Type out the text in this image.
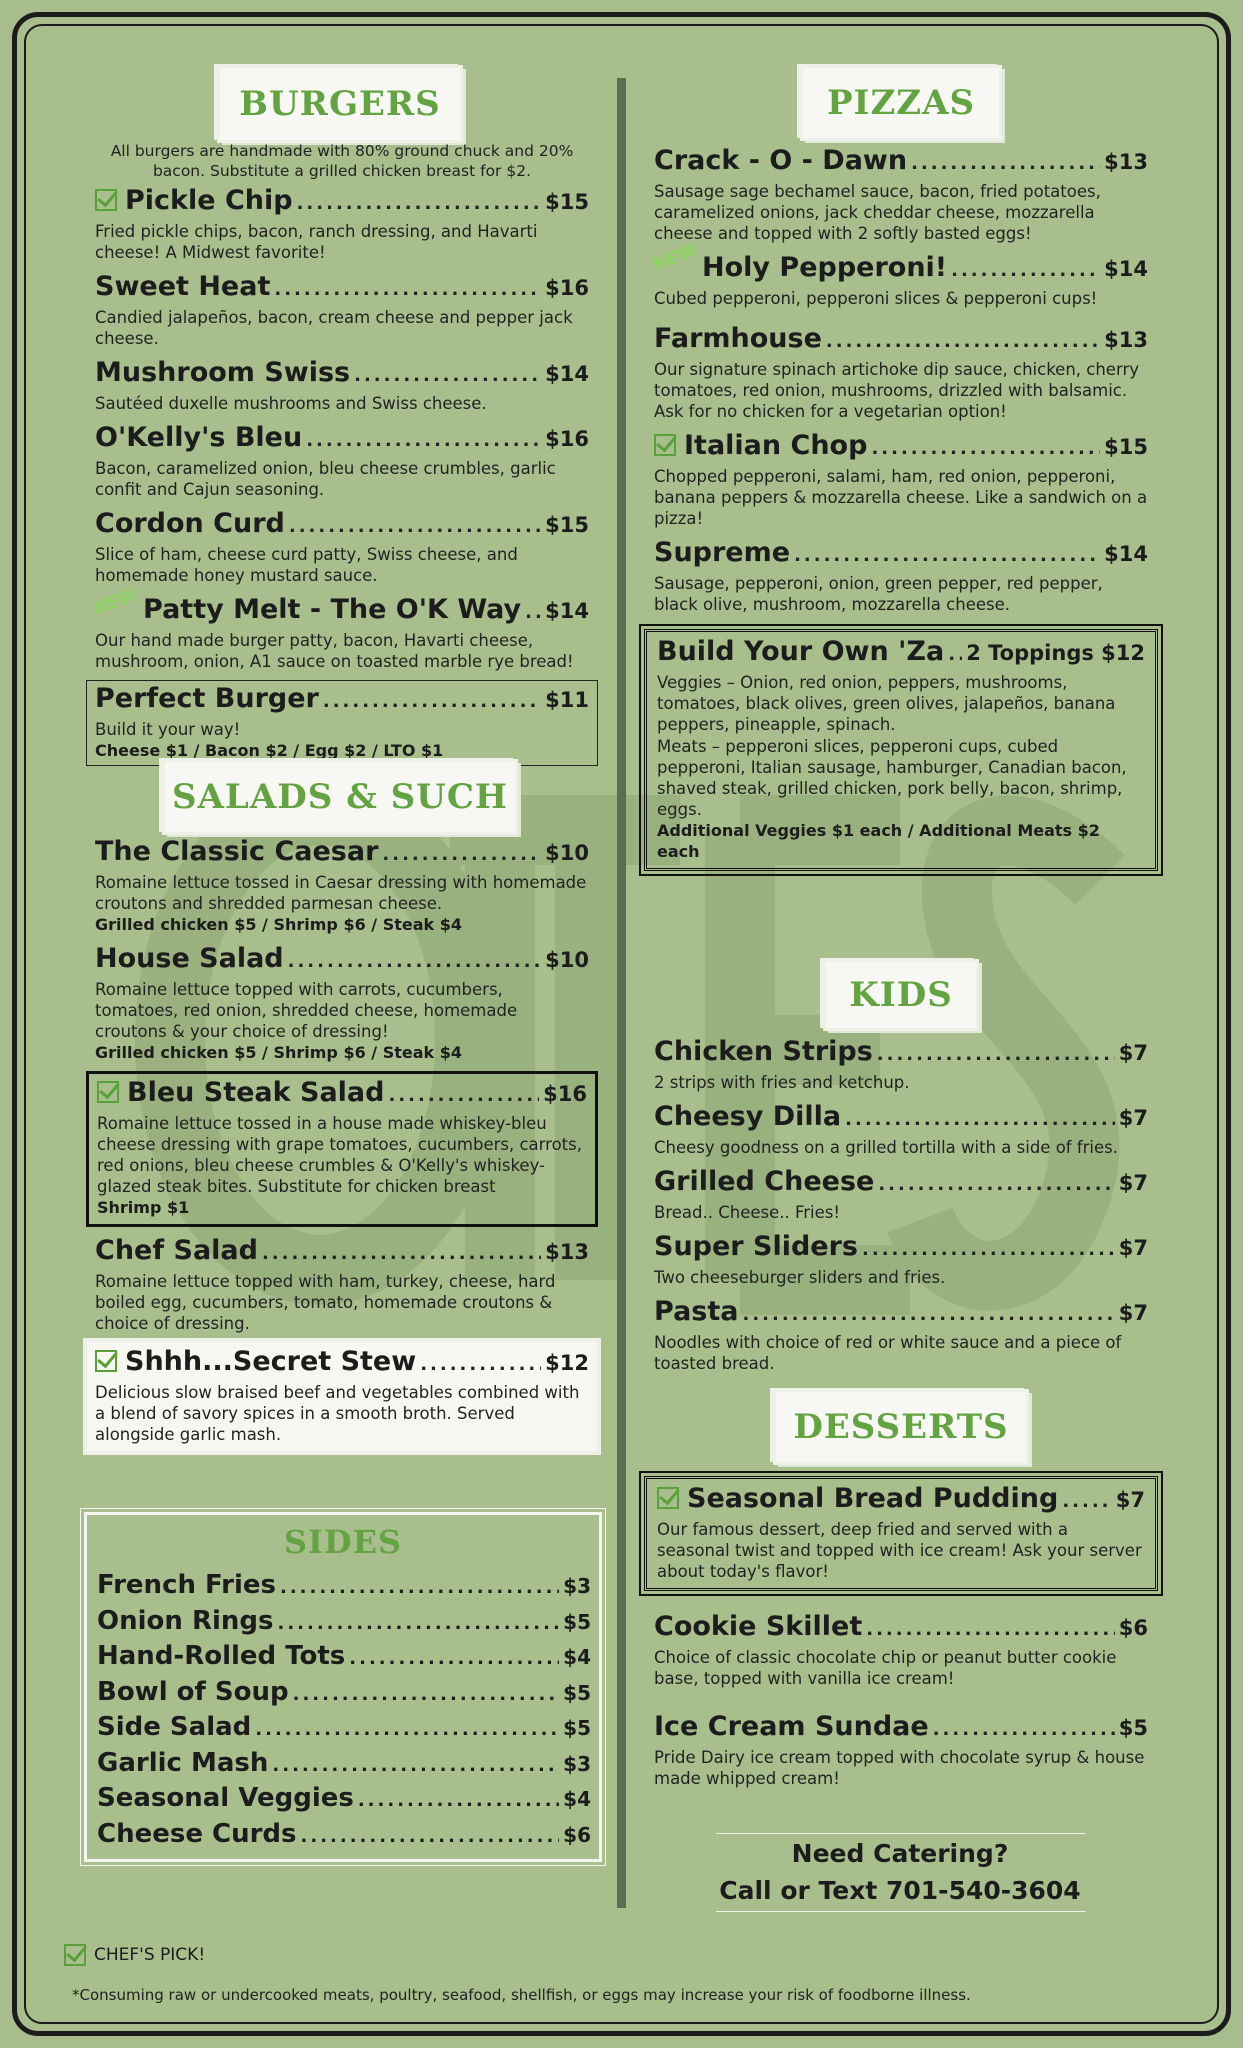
BURGERS
All burgers are handmade with 80% ground chuck and 20% bacon. Substitute a grilled chicken breast for $2.
Pickle Chip .....	$15
Fried pickle chips, bacon, ranch dressing, and Havarti cheese! A Midwest favorite!
Sweet Heat .....	$16
Candied jalapeños, bacon, cream cheese and pepper jack cheese.
Mushroom Swiss .....	$14
Sautéed duxelle mushrooms and Swiss cheese.
O'Kelly's Bleu .....	$16
Bacon, caramelized onion, bleu cheese crumbles, garlic confit and Cajun seasoning.
Cordon Curd .....	$15
Slice of ham, cheese curd patty, Swiss cheese, and homemade honey mustard sauce.
NEW Patty Melt - The O'K Way ..... $14
Our hand made burger patty, bacon, Havarti cheese, mushroom, onion, A1 sauce on toasted marble rye bread!
Perfect Burger .....	$11
Build it your way!
Cheese $1 / Bacon $2 / Egg $2 / LTO $1
SALADS & SUCH
The Classic Caesar .....	$10
Romaine lettuce tossed in Caesar dressing with homemade croutons and shredded parmesan cheese.
Grilled chicken $5 / Shrimp $6 / Steak $4
House Salad .....	$10
Romaine lettuce topped with carrots, cucumbers, tomatoes, red onion, shredded cheese, homemade croutons & your choice of dressing!
Grilled chicken $5 / Shrimp $6 / Steak $4
Bleu Steak Salad .....	$16
Romaine lettuce tossed in a house made whiskey-bleu cheese dressing with grape tomatoes, cucumbers, carrots, red onions, bleu cheese crumbles & O'Kelly's whiskey-glazed steak bites. Substitute for chicken breast
Shrimp $1
Chef Salad .....	$13
Romaine lettuce topped with ham, turkey, cheese, hard boiled egg, cucumbers, tomato, homemade croutons & choice of dressing.
Shhh...Secret Stew .....	$12
Delicious slow braised beef and vegetables combined with a blend of savory spices in a smooth broth. Served alongside garlic mash.
SIDES
French Fries .....	$3
Onion Rings .....	$5
Hand-Rolled Tots .....	$4
Bowl of Soup .....	$5
Side Salad .....	$5
Garlic Mash .....	$3
Seasonal Veggies .....	$4
Cheese Curds .....	$6
PIZZAS
Crack - O - Dawn .....	$13
Sausage sage bechamel sauce, bacon, fried potatoes, caramelized onions, jack cheddar cheese, mozzarella cheese and topped with 2 softly basted eggs!
NEW Holy Pepperoni! .....	$14
Cubed pepperoni, pepperoni slices & pepperoni cups!
Farmhouse .....	$13
Our signature spinach artichoke dip sauce, chicken, cherry tomatoes, red onion, mushrooms, drizzled with balsamic. Ask for no chicken for a vegetarian option!
Italian Chop .....	$15
Chopped pepperoni, salami, ham, red onion, pepperoni, banana peppers & mozzarella cheese. Like a sandwich on a pizza!
Supreme .....	$14
Sausage, pepperoni, onion, green pepper, red pepper, black olive, mushroom, mozzarella cheese.
Build Your Own 'Za ..... 2 Toppings $12
Veggies – Onion, red onion, peppers, mushrooms, tomatoes, black olives, green olives, jalapeños, banana peppers, pineapple, spinach.
Meats – pepperoni slices, pepperoni cups, cubed pepperoni, Italian sausage, hamburger, Canadian bacon, shaved steak, grilled chicken, pork belly, bacon, shrimp, eggs.
Additional Veggies $1 each / Additional Meats $2 each
KIDS
Chicken Strips .....	$7
2 strips with fries and ketchup.
Cheesy Dilla .....	$7
Cheesy goodness on a grilled tortilla with a side of fries.
Grilled Cheese .....	$7
Bread.. Cheese.. Fries!
Super Sliders .....	$7
Two cheeseburger sliders and fries.
Pasta .....	$7
Noodles with choice of red or white sauce and a piece of toasted bread.
DESSERTS
Seasonal Bread Pudding .....	$7
Our famous dessert, deep fried and served with a seasonal twist and topped with ice cream! Ask your server about today's flavor!
Cookie Skillet .....	$6
Choice of classic chocolate chip or peanut butter cookie base, topped with vanilla ice cream!
Ice Cream Sundae .....	$5
Pride Dairy ice cream topped with chocolate syrup & house made whipped cream!
Need Catering?
Call or Text 701-540-3604
CHEF'S PICK!
*Consuming raw or undercooked meats, poultry, seafood, shellfish, or eggs may increase your risk of foodborne illness.
